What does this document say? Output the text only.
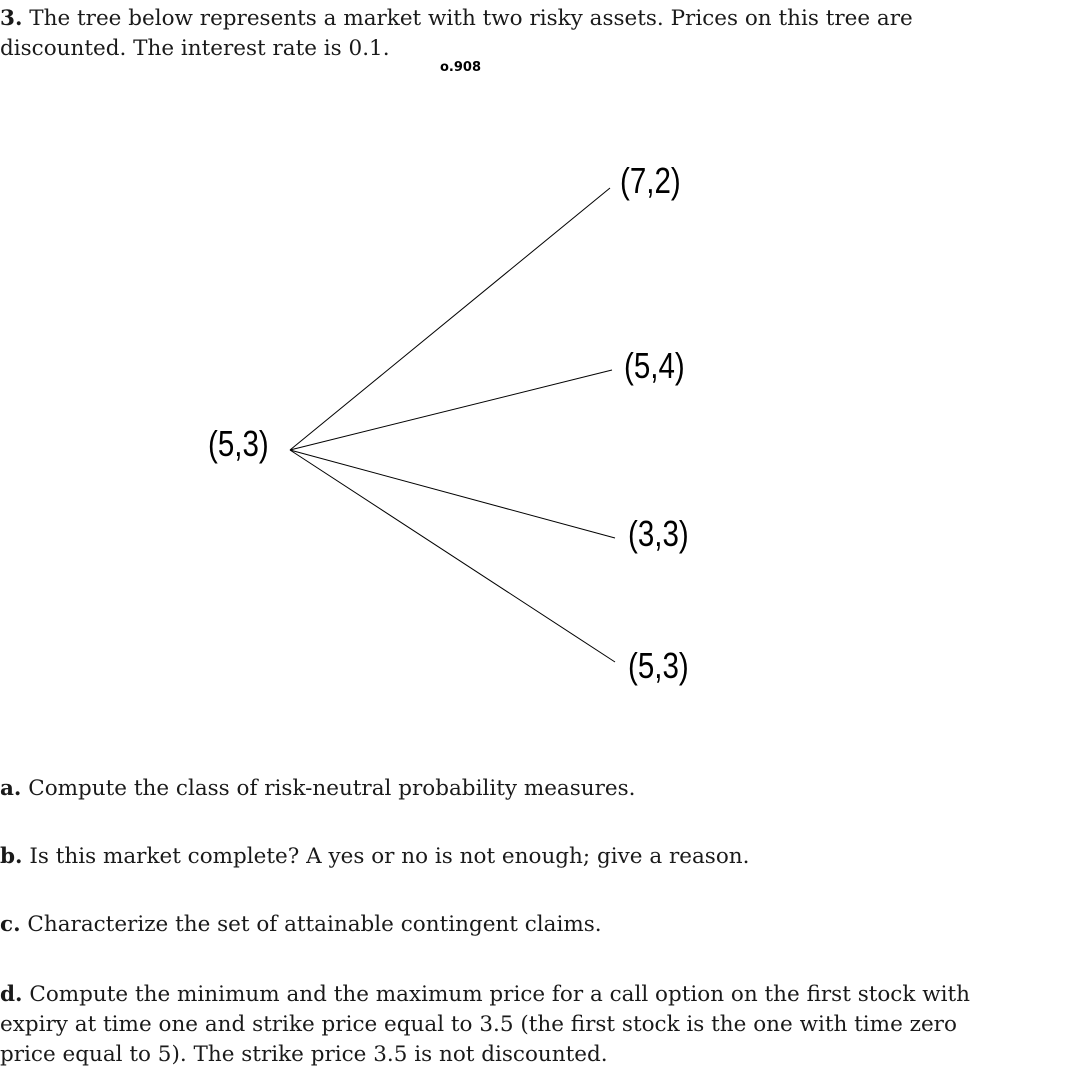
3. The tree below represents a market with two risky assets. Prices on this tree are
discounted. The interest rate is 0.1.
o.908
(5,3)
(7,2)
(5,4)
(3,3)
(5,3)
a. Compute the class of risk-neutral probability measures.
b. Is this market complete? A yes or no is not enough; give a reason.
c. Characterize the set of attainable contingent claims.
d. Compute the minimum and the maximum price for a call option on the first stock with
expiry at time one and strike price equal to 3.5 (the first stock is the one with time zero
price equal to 5). The strike price 3.5 is not discounted.
